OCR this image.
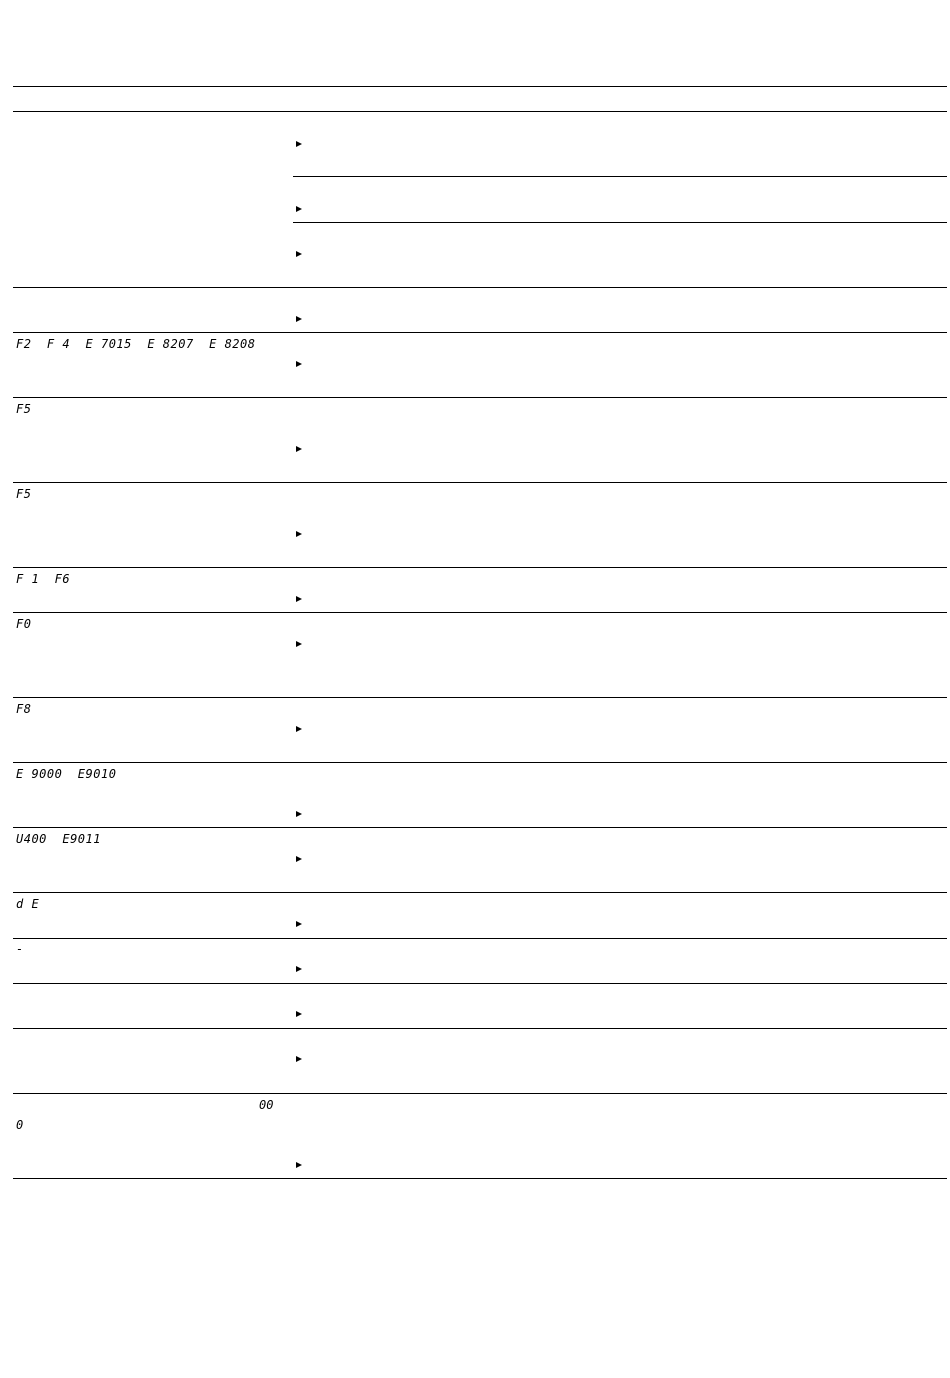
F2  F 4  E 7015  E 8207  E 8208
F5
F5
F 1  F6
F0
F8
E 9000  E9010
U400  E9011
d E
-
00
0
